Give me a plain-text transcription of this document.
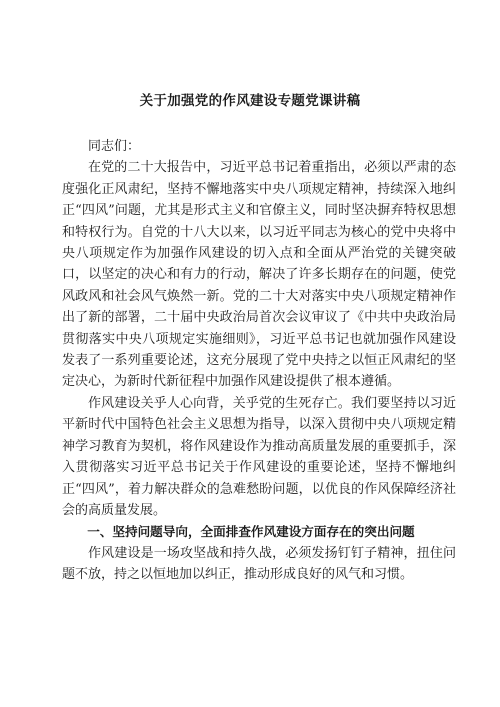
关于加强党的作风建设专题党课讲稿

同志们：

在党的二十大报告中，习近平总书记着重指出，必须以严肃的态度强化正风肃纪，坚持不懈地落实中央八项规定精神，持续深入地纠正“四风”问题，尤其是形式主义和官僚主义，同时坚决摒弃特权思想和特权行为。自党的十八大以来，以习近平同志为核心的党中央将中央八项规定作为加强作风建设的切入点和全面从严治党的关键突破口，以坚定的决心和有力的行动，解决了许多长期存在的问题，使党风政风和社会风气焕然一新。党的二十大对落实中央八项规定精神作出了新的部署，二十届中央政治局首次会议审议了《中共中央政治局贯彻落实中央八项规定实施细则》，习近平总书记也就加强作风建设发表了一系列重要论述，这充分展现了党中央持之以恒正风肃纪的坚定决心，为新时代新征程中加强作风建设提供了根本遵循。

作风建设关乎人心向背，关乎党的生死存亡。我们要坚持以习近平新时代中国特色社会主义思想为指导，以深入贯彻中央八项规定精神学习教育为契机，将作风建设作为推动高质量发展的重要抓手，深入贯彻落实习近平总书记关于作风建设的重要论述，坚持不懈地纠正“四风”，着力解决群众的急难愁盼问题，以优良的作风保障经济社会的高质量发展。

一、坚持问题导向，全面排查作风建设方面存在的突出问题

作风建设是一场攻坚战和持久战，必须发扬钉钉子精神，扭住问题不放，持之以恒地加以纠正，推动形成良好的风气和习惯。
